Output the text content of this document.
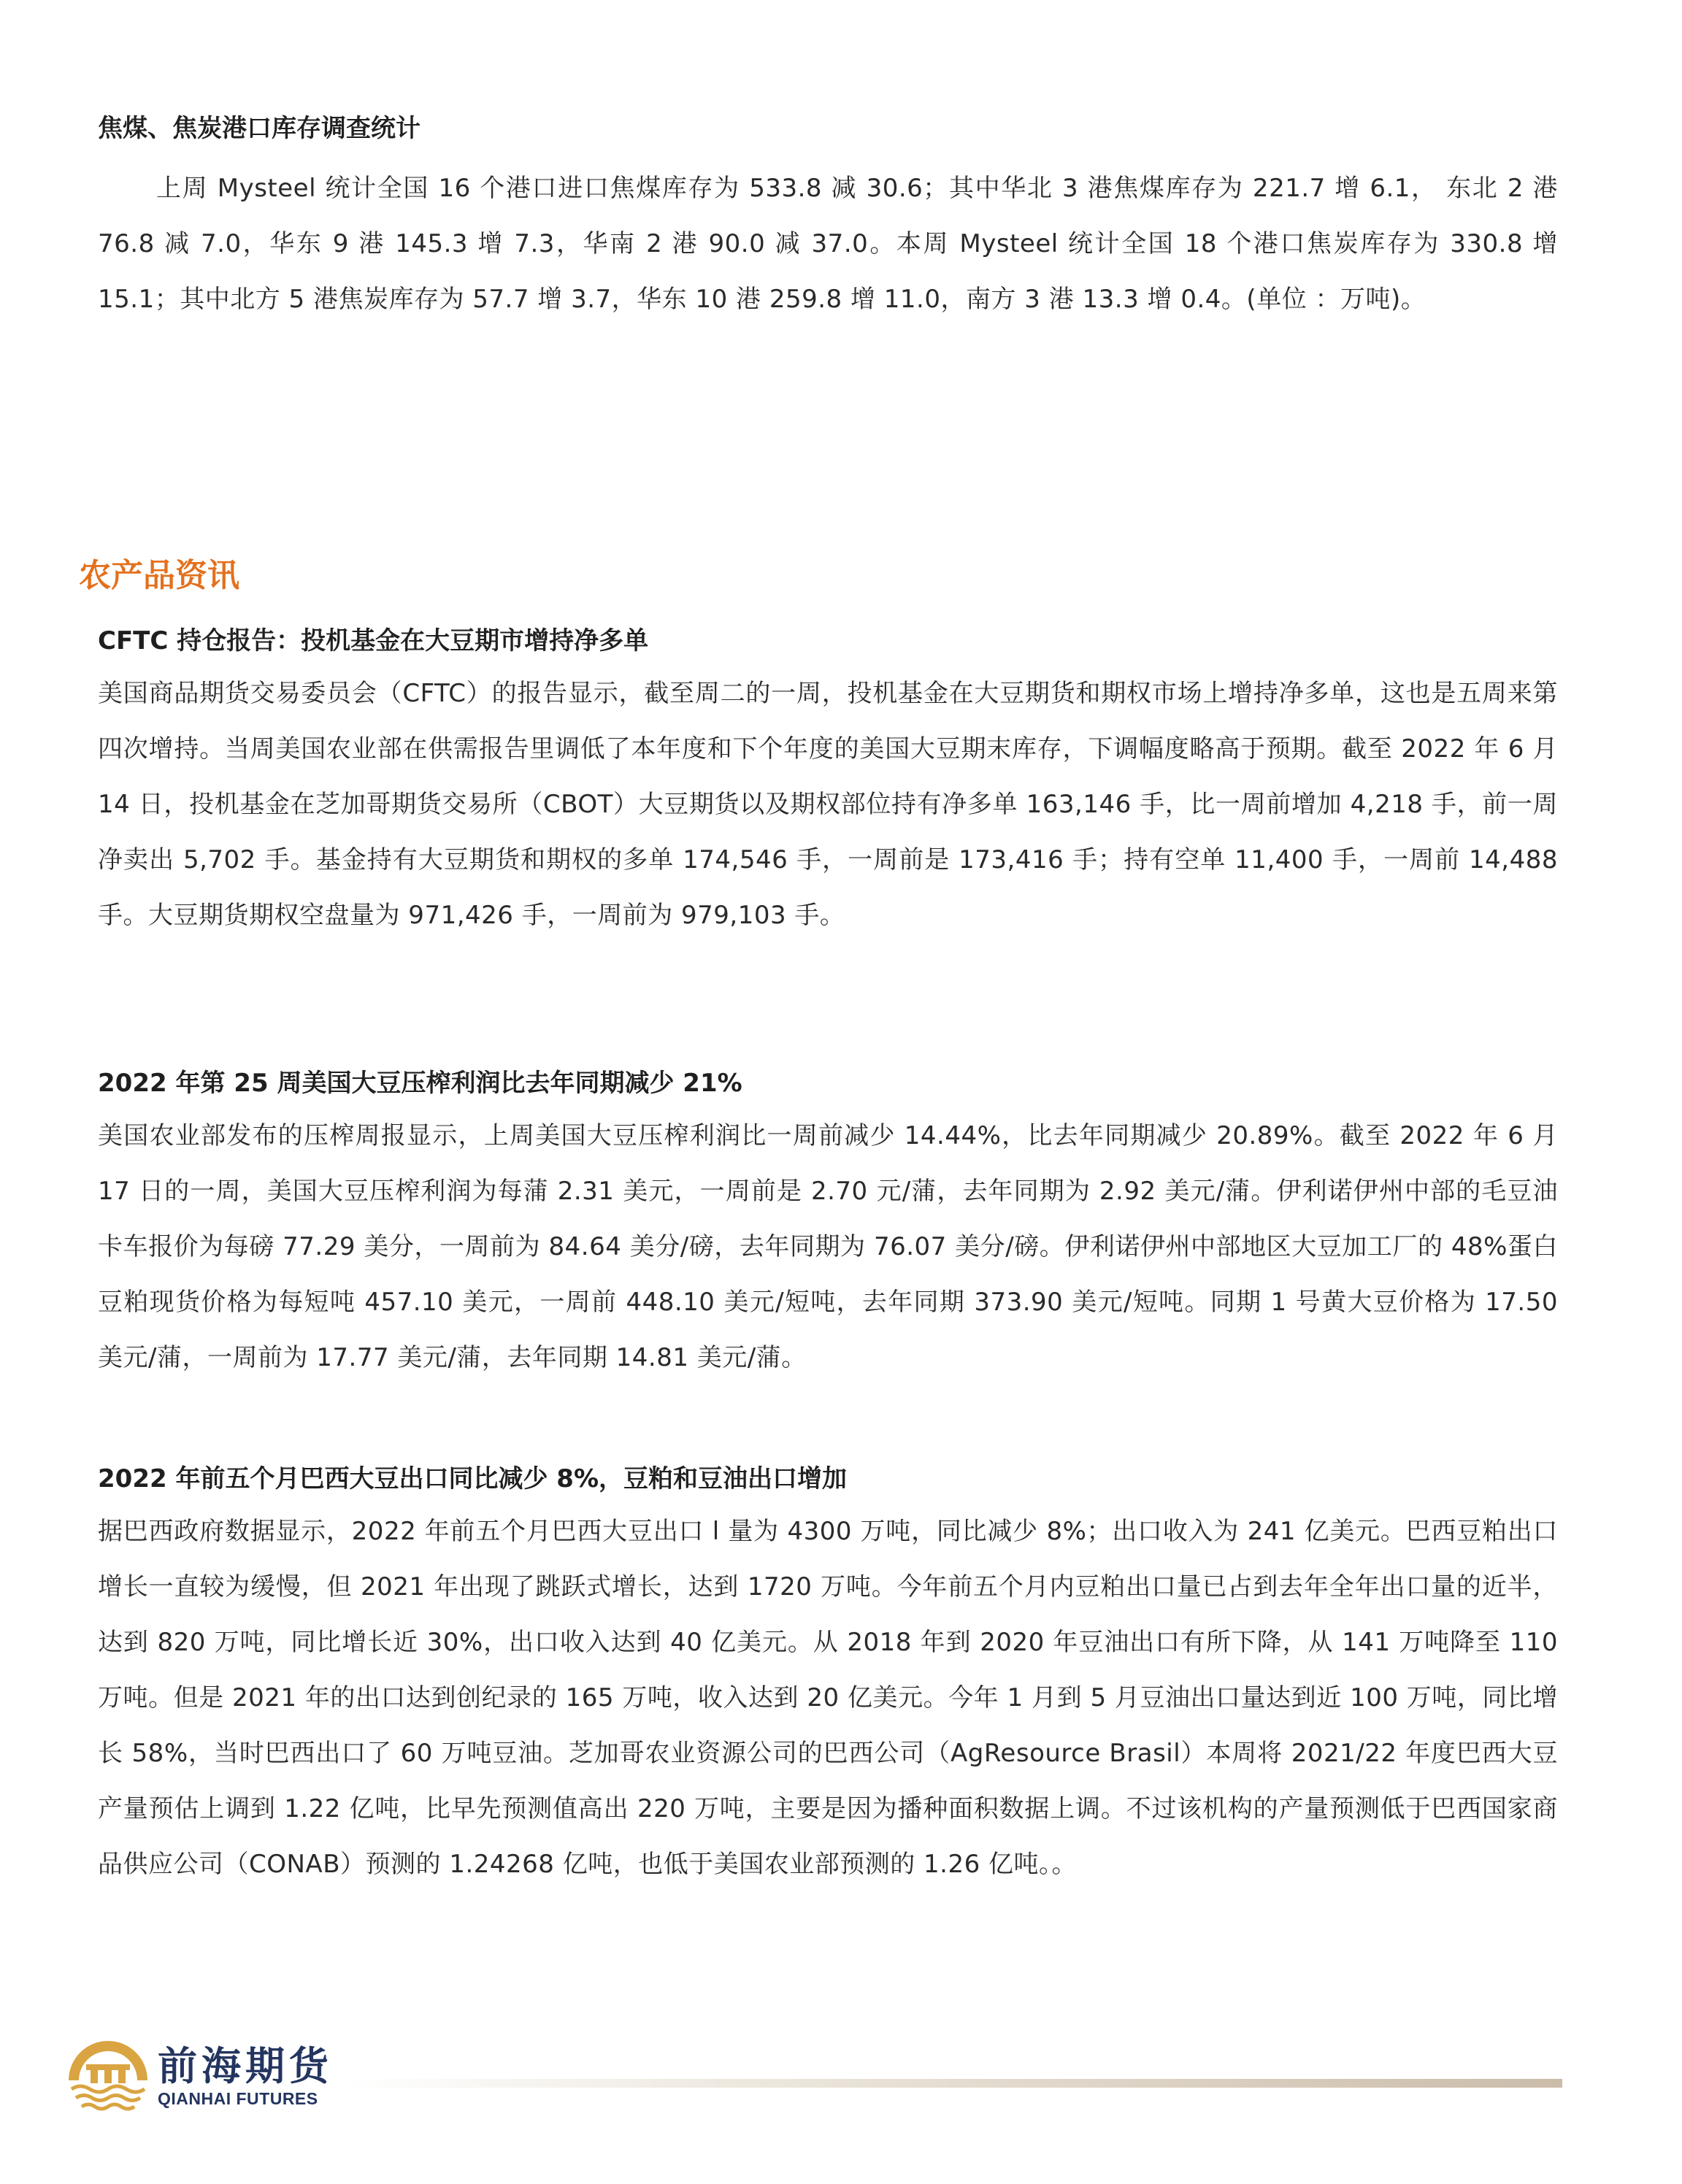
焦煤、焦炭港口库存调查统计

上周 Mysteel 统计全国 16 个港口进口焦煤库存为 533.8 减 30.6；其中华北 3 港焦煤库存为 221.7 增 6.1， 东北 2 港 76.8 减 7.0，华东 9 港 145.3 增 7.3，华南 2 港 90.0 减 37.0。本周 Mysteel 统计全国 18 个港口焦炭库存为 330.8 增 15.1；其中北方 5 港焦炭库存为 57.7 增 3.7，华东 10 港 259.8 增 11.0，南方 3 港 13.3 增 0.4。(单位 ：万吨)。

农产品资讯

CFTC 持仓报告：投机基金在大豆期市增持净多单

美国商品期货交易委员会（CFTC）的报告显示，截至周二的一周，投机基金在大豆期货和期权市场上增持净多单，这也是五周来第四次增持。当周美国农业部在供需报告里调低了本年度和下个年度的美国大豆期末库存，下调幅度略高于预期。截至 2022 年 6 月 14 日，投机基金在芝加哥期货交易所（CBOT）大豆期货以及期权部位持有净多单 163,146 手，比一周前增加 4,218 手，前一周净卖出 5,702 手。基金持有大豆期货和期权的多单 174,546 手，一周前是 173,416 手；持有空单 11,400 手，一周前 14,488 手。大豆期货期权空盘量为 971,426 手，一周前为 979,103 手。

2022 年第 25 周美国大豆压榨利润比去年同期减少 21%

美国农业部发布的压榨周报显示，上周美国大豆压榨利润比一周前减少 14.44%，比去年同期减少 20.89%。截至 2022 年 6 月 17 日的一周，美国大豆压榨利润为每蒲 2.31 美元，一周前是 2.70 元/蒲，去年同期为 2.92 美元/蒲。伊利诺伊州中部的毛豆油卡车报价为每磅 77.29 美分，一周前为 84.64 美分/磅，去年同期为 76.07 美分/磅。伊利诺伊州中部地区大豆加工厂的 48%蛋白豆粕现货价格为每短吨 457.10 美元，一周前 448.10 美元/短吨，去年同期 373.90 美元/短吨。同期 1 号黄大豆价格为 17.50 美元/蒲，一周前为 17.77 美元/蒲，去年同期 14.81 美元/蒲。

2022 年前五个月巴西大豆出口同比减少 8%，豆粕和豆油出口增加

据巴西政府数据显示，2022 年前五个月巴西大豆出口 l 量为 4300 万吨，同比减少 8%；出口收入为 241 亿美元。巴西豆粕出口增长一直较为缓慢，但 2021 年出现了跳跃式增长，达到 1720 万吨。今年前五个月内豆粕出口量已占到去年全年出口量的近半，达到 820 万吨，同比增长近 30%，出口收入达到 40 亿美元。从 2018 年到 2020 年豆油出口有所下降，从 141 万吨降至 110 万吨。但是 2021 年的出口达到创纪录的 165 万吨，收入达到 20 亿美元。今年 1 月到 5 月豆油出口量达到近 100 万吨，同比增长 58%，当时巴西出口了 60 万吨豆油。芝加哥农业资源公司的巴西公司（AgResource Brasil）本周将 2021/22 年度巴西大豆产量预估上调到 1.22 亿吨，比早先预测值高出 220 万吨，主要是因为播种面积数据上调。不过该机构的产量预测低于巴西国家商品供应公司（CONAB）预测的 1.24268 亿吨，也低于美国农业部预测的 1.26 亿吨。。

前海期货

QIANHAI FUTURES
